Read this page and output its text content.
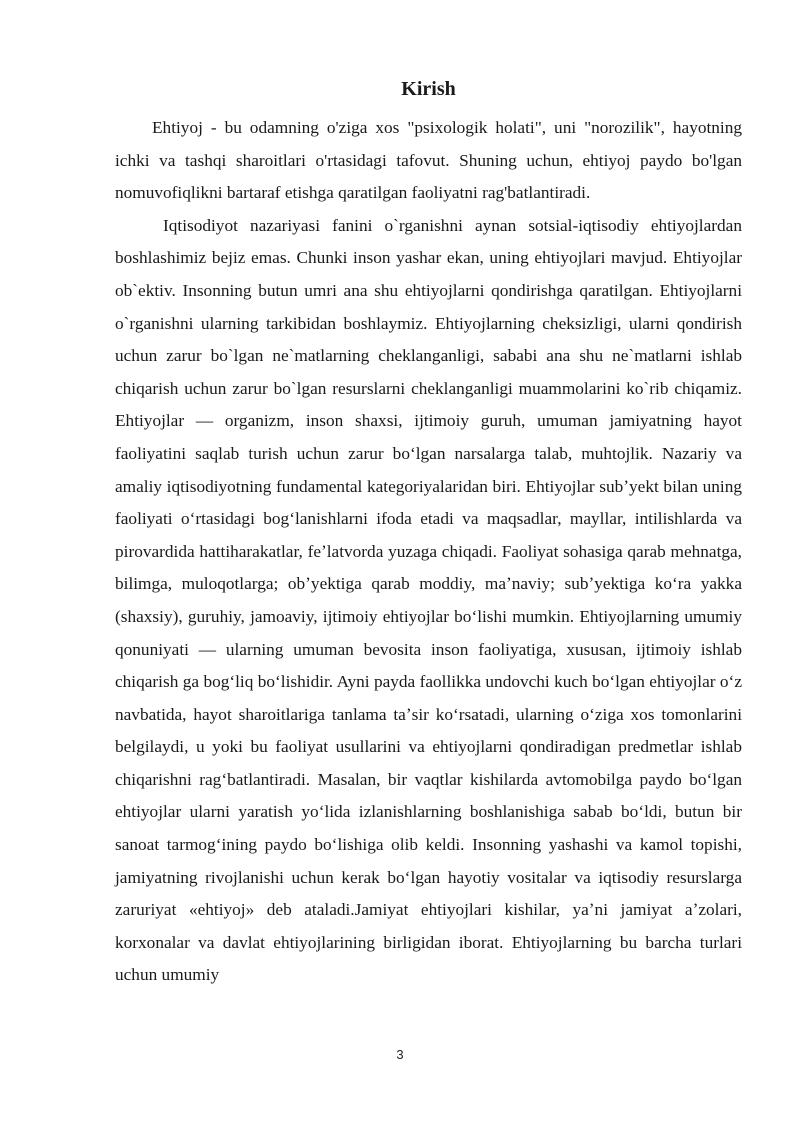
Kirish

Ehtiyoj - bu odamning o'ziga xos "psixologik holati", uni "norozilik", hayotning ichki va tashqi sharoitlari o'rtasidagi tafovut. Shuning uchun, ehtiyoj paydo bo'lgan nomuvofiqlikni bartaraf etishga qaratilgan faoliyatni rag'batlantiradi.

Iqtisodiyot nazariyasi fanini o`rganishni aynan sotsial-iqtisodiy ehtiyojlardan boshlashimiz bejiz emas. Chunki inson yashar ekan, uning ehtiyojlari mavjud. Ehtiyojlar ob`ektiv. Insonning butun umri ana shu ehtiyojlarni qondirishga qaratilgan. Ehtiyojlarni o`rganishni ularning tarkibidan boshlaymiz. Ehtiyojlarning cheksizligi, ularni qondirish uchun zarur bo`lgan ne`matlarning cheklanganligi, sababi ana shu ne`matlarni ishlab chiqarish uchun zarur bo`lgan resurslarni cheklanganligi muammolarini ko`rib chiqamiz. Ehtiyojlar — organizm, inson shaxsi, ijtimoiy guruh, umuman jamiyatning hayot faoliyatini saqlab turish uchun zarur boʻlgan narsalarga talab, muhtojlik. Nazariy va amaliy iqtisodiyotning fundamental kategoriyalaridan biri. Ehtiyojlar subʼyekt bilan uning faoliyati oʻrtasidagi bogʻlanishlarni ifoda etadi va maqsadlar, mayllar, intilishlarda va pirovardida hattiharakatlar, feʼlatvorda yuzaga chiqadi. Faoliyat sohasiga qarab mehnatga, bilimga, muloqotlarga; obʼyektiga qarab moddiy, maʼnaviy; subʼyektiga koʻra yakka (shaxsiy), guruhiy, jamoaviy, ijtimoiy ehtiyojlar boʻlishi mumkin. Ehtiyojlarning umumiy qonuniyati — ularning umuman bevosita inson faoliyatiga, xususan, ijtimoiy ishlab chiqarish ga bogʻliq boʻlishidir. Ayni payda faollikka undovchi kuch boʻlgan ehtiyojlar oʻz navbatida, hayot sharoitlariga tanlama taʼsir koʻrsatadi, ularning oʻziga xos tomonlarini belgilaydi, u yoki bu faoliyat usullarini va ehtiyojlarni qondiradigan predmetlar ishlab chiqarishni ragʻbatlantiradi. Masalan, bir vaqtlar kishilarda avtomobilga paydo boʻlgan ehtiyojlar ularni yaratish yoʻlida izlanishlarning boshlanishiga sabab boʻldi, butun bir sanoat tarmogʻining paydo boʻlishiga olib keldi. Insonning yashashi va kamol topishi, jamiyatning rivojlanishi uchun kerak boʻlgan hayotiy vositalar va iqtisodiy resurslarga zaruriyat «ehtiyoj» deb ataladi.Jamiyat ehtiyojlari kishilar, yaʼni jamiyat aʼzolari, korxonalar va davlat ehtiyojlarining birligidan iborat. Ehtiyojlarning bu barcha turlari uchun umumiy

3
